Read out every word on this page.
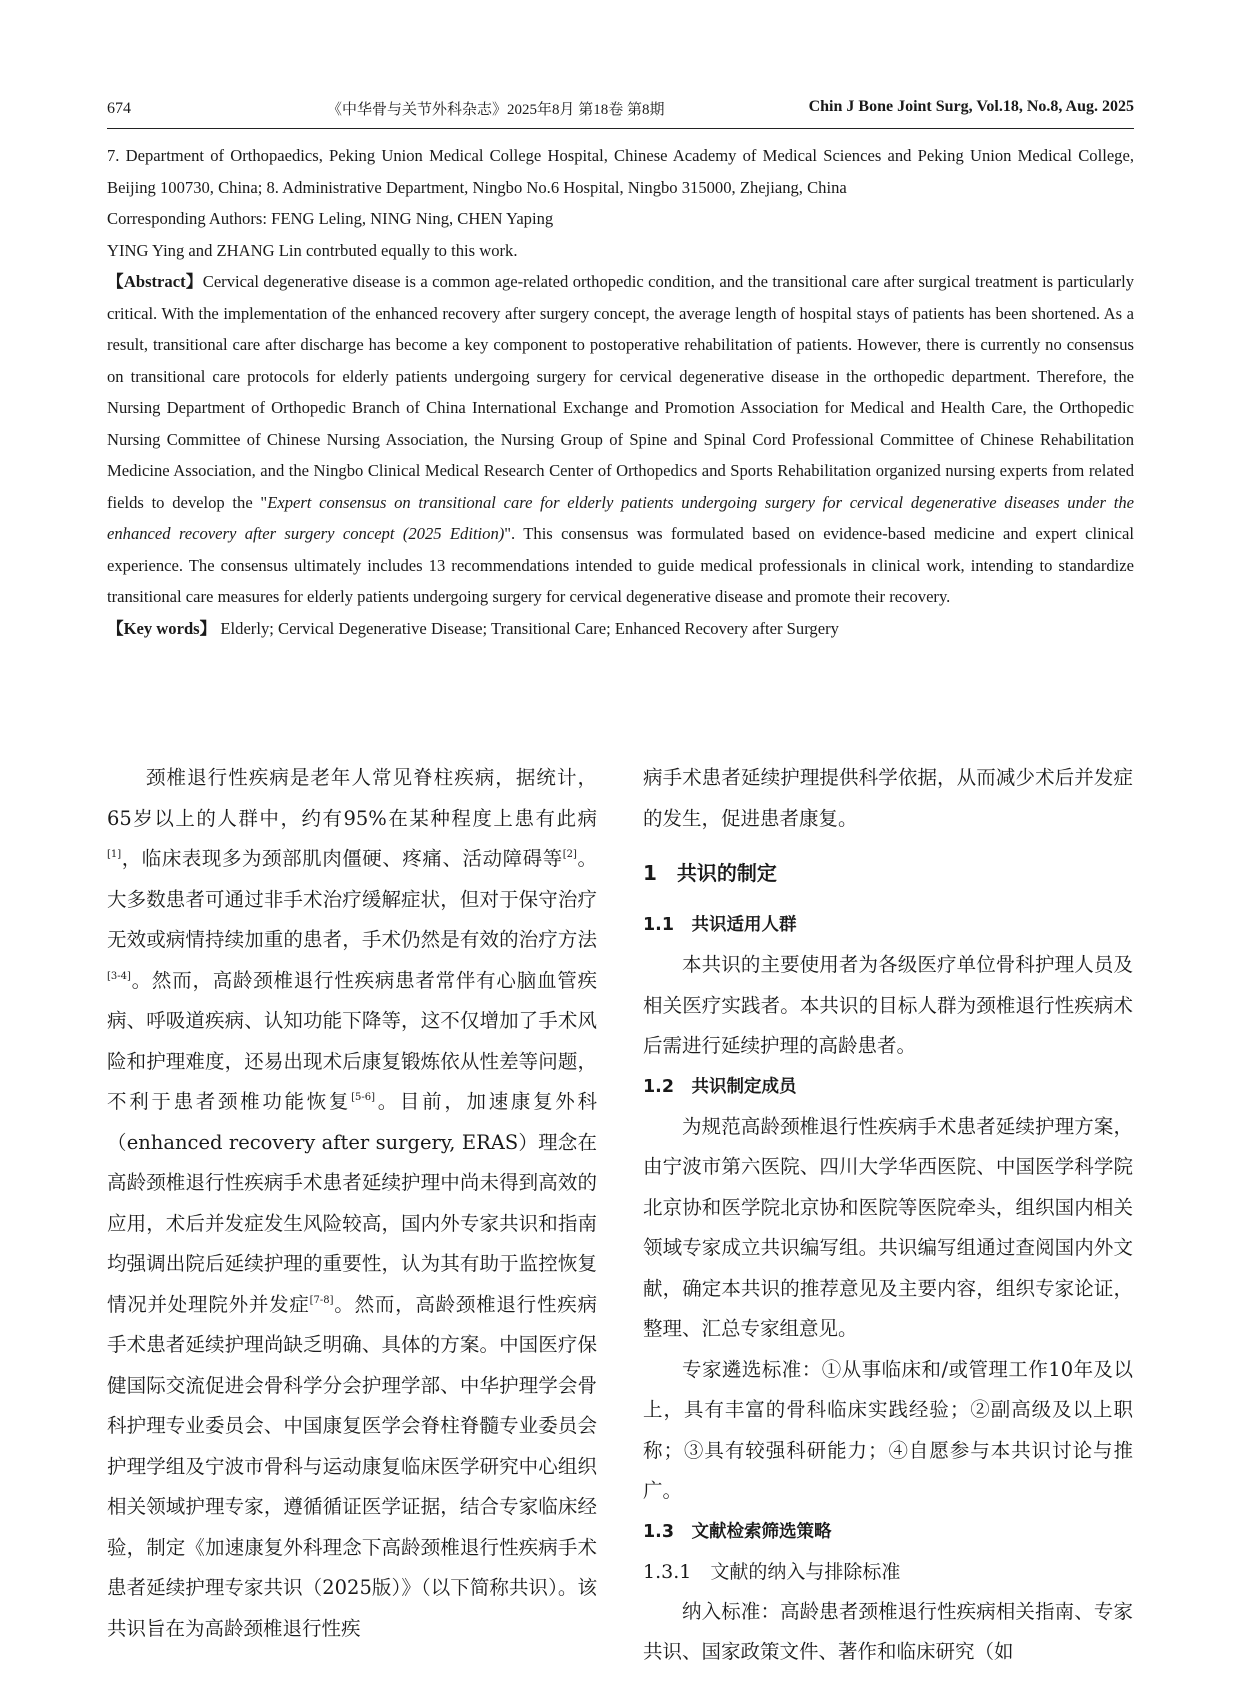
674	《中华骨与关节外科杂志》2025年8月 第18卷 第8期	Chin J Bone Joint Surg, Vol.18, No.8, Aug. 2025

7. Department of Orthopaedics, Peking Union Medical College Hospital, Chinese Academy of Medical Sciences and Peking Union Medical College, Beijing 100730, China; 8. Administrative Department, Ningbo No.6 Hospital, Ningbo 315000, Zhejiang, China

Corresponding Authors: FENG Leling, NING Ning, CHEN Yaping

YING Ying and ZHANG Lin contrbuted equally to this work.

【Abstract】Cervical degenerative disease is a common age-related orthopedic condition, and the transitional care after surgical treatment is particularly critical. With the implementation of the enhanced recovery after surgery concept, the average length of hospital stays of patients has been shortened. As a result, transitional care after discharge has become a key component to postoperative rehabilitation of patients. However, there is currently no consensus on transitional care protocols for elderly patients undergoing surgery for cervical degenerative disease in the orthopedic department. Therefore, the Nursing Department of Orthopedic Branch of China International Exchange and Promotion Association for Medical and Health Care, the Orthopedic Nursing Committee of Chinese Nursing Association, the Nursing Group of Spine and Spinal Cord Professional Committee of Chinese Rehabilitation Medicine Association, and the Ningbo Clinical Medical Research Center of Orthopedics and Sports Rehabilitation organized nursing experts from related fields to develop the "Expert consensus on transitional care for elderly patients undergoing surgery for cervical degenerative diseases under the enhanced recovery after surgery concept (2025 Edition)". This consensus was formulated based on evidence-based medicine and expert clinical experience. The consensus ultimately includes 13 recommendations intended to guide medical professionals in clinical work, intending to standardize transitional care measures for elderly patients undergoing surgery for cervical degenerative disease and promote their recovery.

【Key words】 Elderly; Cervical Degenerative Disease; Transitional Care; Enhanced Recovery after Surgery

颈椎退行性疾病是老年人常见脊柱疾病，据统计，65岁以上的人群中，约有95%在某种程度上患有此病[1]，临床表现多为颈部肌肉僵硬、疼痛、活动障碍等[2]。大多数患者可通过非手术治疗缓解症状，但对于保守治疗无效或病情持续加重的患者，手术仍然是有效的治疗方法[3-4]。然而，高龄颈椎退行性疾病患者常伴有心脑血管疾病、呼吸道疾病、认知功能下降等，这不仅增加了手术风险和护理难度，还易出现术后康复锻炼依从性差等问题，不利于患者颈椎功能恢复[5-6]。目前，加速康复外科（enhanced recovery after surgery, ERAS）理念在高龄颈椎退行性疾病手术患者延续护理中尚未得到高效的应用，术后并发症发生风险较高，国内外专家共识和指南均强调出院后延续护理的重要性，认为其有助于监控恢复情况并处理院外并发症[7-8]。然而，高龄颈椎退行性疾病手术患者延续护理尚缺乏明确、具体的方案。中国医疗保健国际交流促进会骨科学分会护理学部、中华护理学会骨科护理专业委员会、中国康复医学会脊柱脊髓专业委员会护理学组及宁波市骨科与运动康复临床医学研究中心组织相关领域护理专家，遵循循证医学证据，结合专家临床经验，制定《加速康复外科理念下高龄颈椎退行性疾病手术患者延续护理专家共识（2025版）》（以下简称共识）。该共识旨在为高龄颈椎退行性疾

病手术患者延续护理提供科学依据，从而减少术后并发症的发生，促进患者康复。

1　共识的制定

1.1　共识适用人群

本共识的主要使用者为各级医疗单位骨科护理人员及相关医疗实践者。本共识的目标人群为颈椎退行性疾病术后需进行延续护理的高龄患者。

1.2　共识制定成员

为规范高龄颈椎退行性疾病手术患者延续护理方案，由宁波市第六医院、四川大学华西医院、中国医学科学院北京协和医学院北京协和医院等医院牵头，组织国内相关领域专家成立共识编写组。共识编写组通过查阅国内外文献，确定本共识的推荐意见及主要内容，组织专家论证，整理、汇总专家组意见。

专家遴选标准：①从事临床和/或管理工作10年及以上，具有丰富的骨科临床实践经验；②副高级及以上职称；③具有较强科研能力；④自愿参与本共识讨论与推广。

1.3　文献检索筛选策略

1.3.1　文献的纳入与排除标准

纳入标准：高龄患者颈椎退行性疾病相关指南、专家共识、国家政策文件、著作和临床研究（如
